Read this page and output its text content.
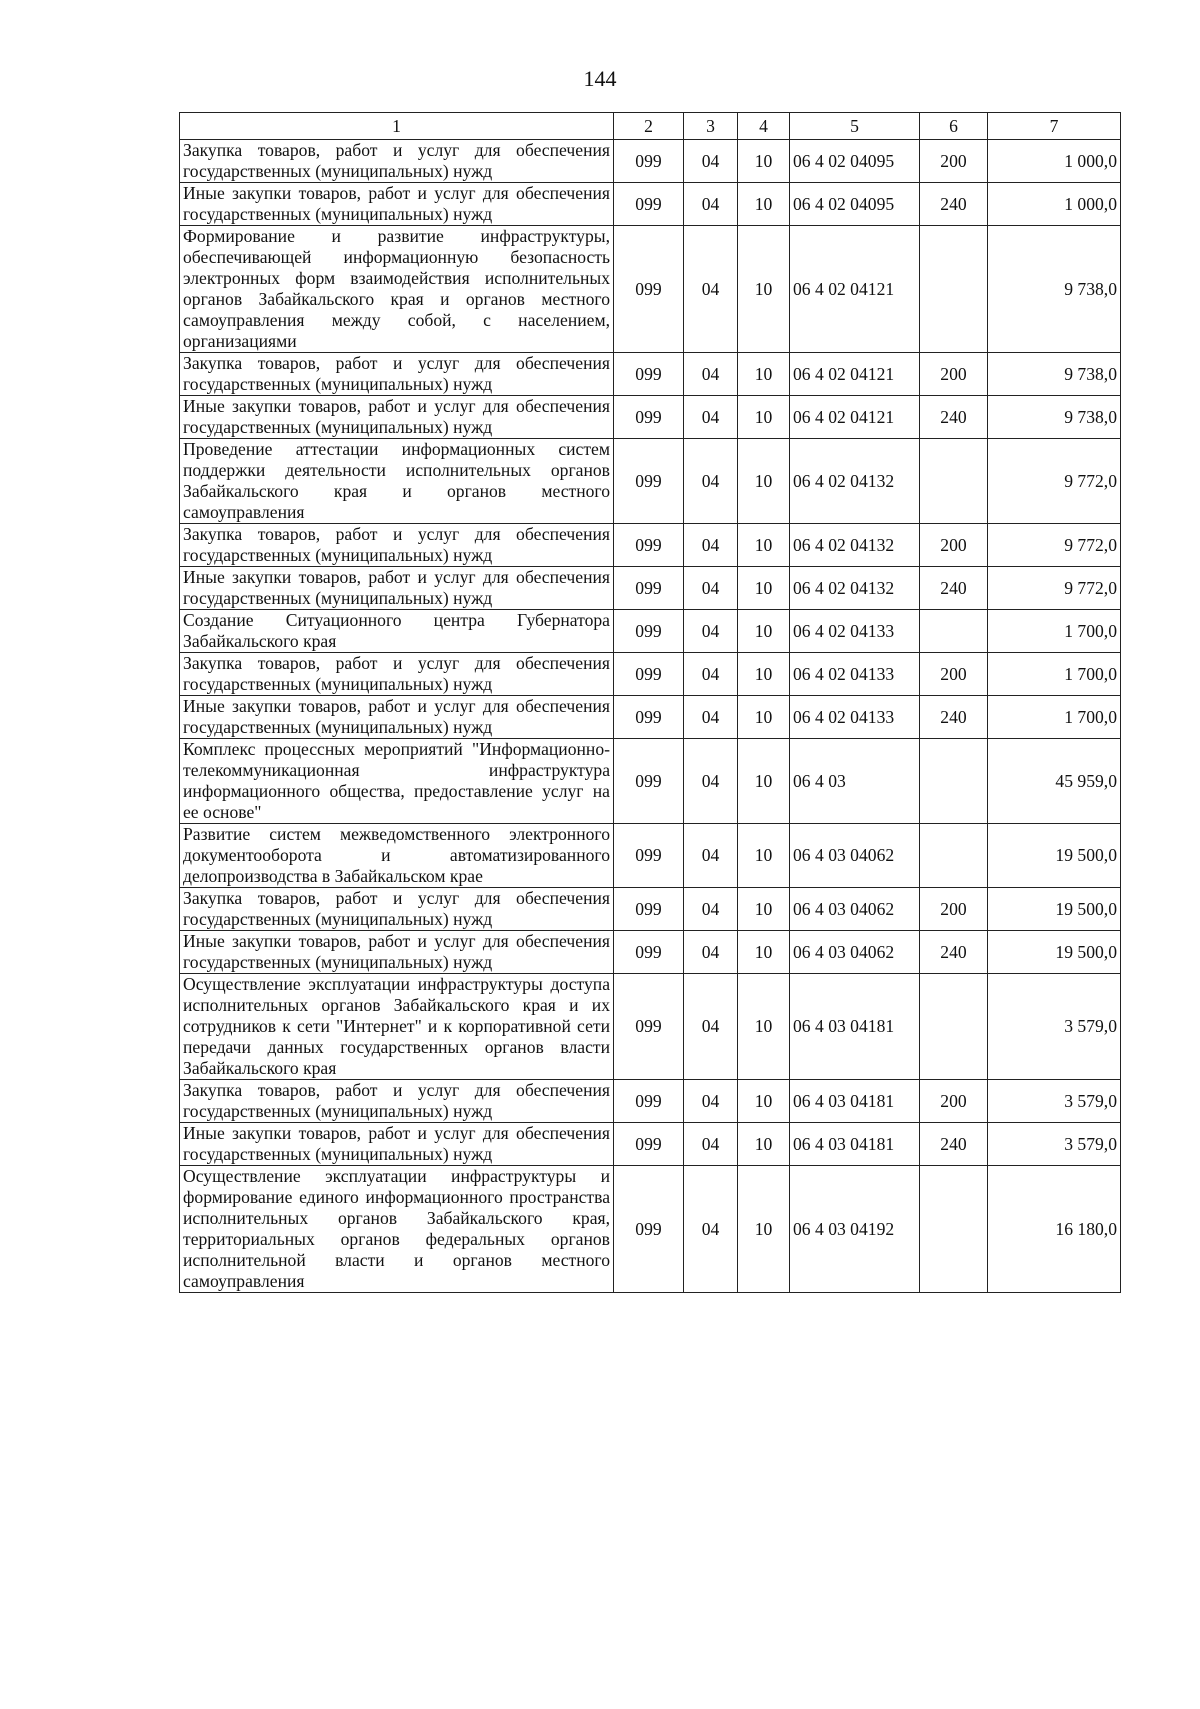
144
1	2	3	4	5	6	7
Закупка товаров, работ и услуг для обеспечения государственных (муниципальных) нужд	099	04	10	06 4 02 04095	200	1 000,0
Иные закупки товаров, работ и услуг для обеспечения государственных (муниципальных) нужд	099	04	10	06 4 02 04095	240	1 000,0
Формирование и развитие инфраструктуры, обеспечивающей информационную безопасность электронных форм взаимодействия исполнительных органов Забайкальского края и органов местного самоуправления между собой, с населением, организациями	099	04	10	06 4 02 04121		9 738,0
Закупка товаров, работ и услуг для обеспечения государственных (муниципальных) нужд	099	04	10	06 4 02 04121	200	9 738,0
Иные закупки товаров, работ и услуг для обеспечения государственных (муниципальных) нужд	099	04	10	06 4 02 04121	240	9 738,0
Проведение аттестации информационных систем поддержки деятельности исполнительных органов Забайкальского края и органов местного самоуправления	099	04	10	06 4 02 04132		9 772,0
Закупка товаров, работ и услуг для обеспечения государственных (муниципальных) нужд	099	04	10	06 4 02 04132	200	9 772,0
Иные закупки товаров, работ и услуг для обеспечения государственных (муниципальных) нужд	099	04	10	06 4 02 04132	240	9 772,0
Создание Ситуационного центра Губернатора Забайкальского края	099	04	10	06 4 02 04133		1 700,0
Закупка товаров, работ и услуг для обеспечения государственных (муниципальных) нужд	099	04	10	06 4 02 04133	200	1 700,0
Иные закупки товаров, работ и услуг для обеспечения государственных (муниципальных) нужд	099	04	10	06 4 02 04133	240	1 700,0
Комплекс процессных мероприятий "Информационно-телекоммуникационная инфраструктура информационного общества, предоставление услуг на ее основе"	099	04	10	06 4 03		45 959,0
Развитие систем межведомственного электронного документооборота и автоматизированного делопроизводства в Забайкальском крае	099	04	10	06 4 03 04062		19 500,0
Закупка товаров, работ и услуг для обеспечения государственных (муниципальных) нужд	099	04	10	06 4 03 04062	200	19 500,0
Иные закупки товаров, работ и услуг для обеспечения государственных (муниципальных) нужд	099	04	10	06 4 03 04062	240	19 500,0
Осуществление эксплуатации инфраструктуры доступа исполнительных органов Забайкальского края и их сотрудников к сети "Интернет" и к корпоративной сети передачи данных государственных органов власти Забайкальского края	099	04	10	06 4 03 04181		3 579,0
Закупка товаров, работ и услуг для обеспечения государственных (муниципальных) нужд	099	04	10	06 4 03 04181	200	3 579,0
Иные закупки товаров, работ и услуг для обеспечения государственных (муниципальных) нужд	099	04	10	06 4 03 04181	240	3 579,0
Осуществление эксплуатации инфраструктуры и формирование единого информационного пространства исполнительных органов Забайкальского края, территориальных органов федеральных органов исполнительной власти и органов местного самоуправления	099	04	10	06 4 03 04192		16 180,0
